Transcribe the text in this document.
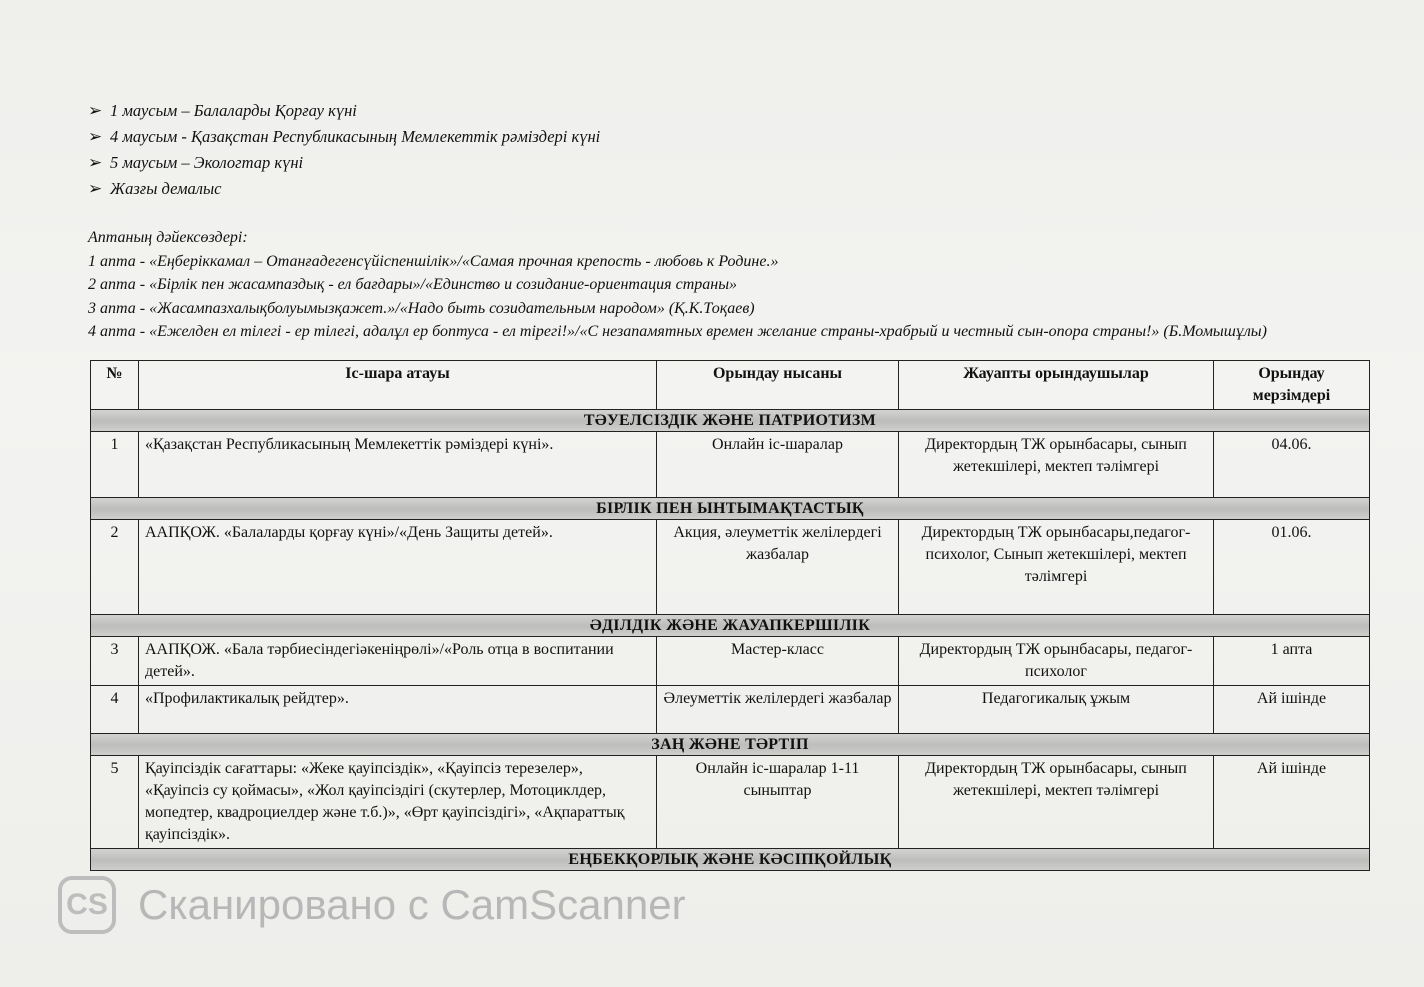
➢ 1 маусым – Балаларды Қорғау күні
➢ 4 маусым - Қазақстан Республикасының Мемлекеттік рәміздері күні
➢ 5 маусым – Экологтар күні
➢ Жазғы демалыс
Аптаның дәйексөздері:
1 апта - «Еңберіккамал – Отанғадегенсүйіспеншілік»/«Самая прочная крепость - любовь к Родине.»
2 апта - «Бірлік пен жасампаздық - ел бағдары»/«Единство и созидание-ориентация страны»
3 апта - «Жасампазхалықболуымызқажет.»/«Надо быть созидательным народом» (Қ.К.Тоқаев)
4 апта - «Ежелден ел тілегі - ер тілегі, адалұл ер боптуса - ел тірегі!»/«С незапамятных времен желание страны-храбрый и честный сын-опора страны!» (Б.Момышұлы)
№	Іс-шара атауы	Орындау нысаны	Жауапты орындаушылар	Орындау мерзімдері
ТӘУЕЛСІЗДІК ЖӘНЕ ПАТРИОТИЗМ				
1	«Қазақстан Республикасының Мемлекеттік рәміздері күні».	Онлайн іс-шаралар	Директордың ТЖ орынбасары, сынып жетекшілері, мектеп тәлімгері	04.06.
БІРЛІК ПЕН ЫНТЫМАҚТАСТЫҚ				
2	ААПҚОЖ. «Балаларды қорғау күні»/«День Защиты детей».	Акция, әлеуметтік желілердегі жазбалар	Директордың ТЖ орынбасары,педагог-психолог, Сынып жетекшілері, мектеп тәлімгері	01.06.
ӘДІЛДІК ЖӘНЕ ЖАУАПКЕРШІЛІК				
3	ААПҚОЖ. «Бала тәрбиесіндегіәкеніңрөлі»/«Роль отца в воспитании детей».	Мастер-класс	Директордың ТЖ орынбасары, педагог-психолог	1 апта
4	«Профилактикалық рейдтер».	Әлеуметтік желілердегі жазбалар	Педагогикалық ұжым	Ай ішінде
ЗАҢ ЖӘНЕ ТӘРТІП				
5	Қауіпсіздік сағаттары: «Жеке қауіпсіздік», «Қауіпсіз терезелер», «Қауіпсіз су қоймасы», «Жол қауіпсіздігі (скутерлер, Мотоциклдер, мопедтер, квадроциелдер және т.б.)», «Өрт қауіпсіздігі», «Ақпараттық қауіпсіздік».	Онлайн іс-шаралар 1-11 сыныптар	Директордың ТЖ орынбасары, сынып жетекшілері, мектеп тәлімгері	Ай ішінде
ЕҢБЕКҚОРЛЫҚ ЖӘНЕ КӘСІПҚОЙЛЫҚ				
CS Сканировано с CamScanner
